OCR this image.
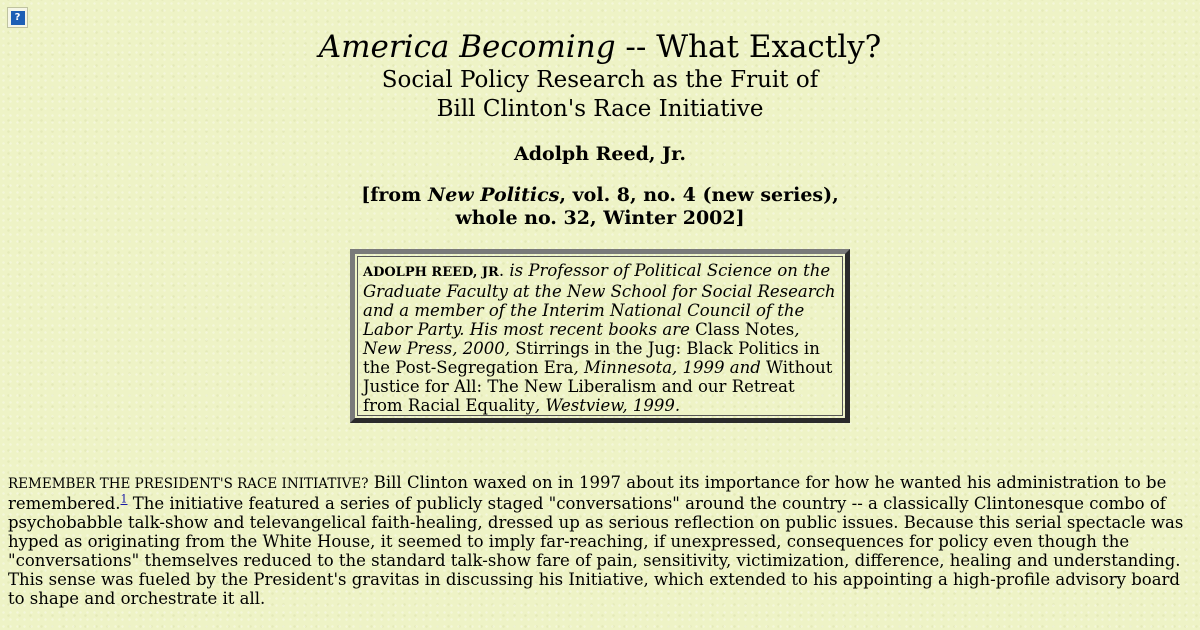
?
America Becoming -- What Exactly?
Social Policy Research as the Fruit of
Bill Clinton's Race Initiative
Adolph Reed, Jr.
[from New Politics, vol. 8, no. 4 (new series),
whole no. 32, Winter 2002]
ADOLPH REED, JR. is Professor of Political Science on the Graduate Faculty at the New School for Social Research and a member of the Interim National Council of the Labor Party. His most recent books are Class Notes, New Press, 2000, Stirrings in the Jug: Black Politics in the Post-Segregation Era, Minnesota, 1999 and Without Justice for All: The New Liberalism and our Retreat from Racial Equality, Westview, 1999.
REMEMBER THE PRESIDENT'S RACE INITIATIVE? Bill Clinton waxed on in 1997 about its importance for how he wanted his administration to be remembered.$^1$ The initiative featured a series of publicly staged "conversations" around the country -- a classically Clintonesque combo of psychobabble talk-show and televangelical faith-healing, dressed up as serious reflection on public issues. Because this serial spectacle was hyped as originating from the White House, it seemed to imply far-reaching, if unexpressed, consequences for policy even though the "conversations" themselves reduced to the standard talk-show fare of pain, sensitivity, victimization, difference, healing and understanding. This sense was fueled by the President's gravitas in discussing his Initiative, which extended to his appointing a high-profile advisory board to shape and orchestrate it all.
